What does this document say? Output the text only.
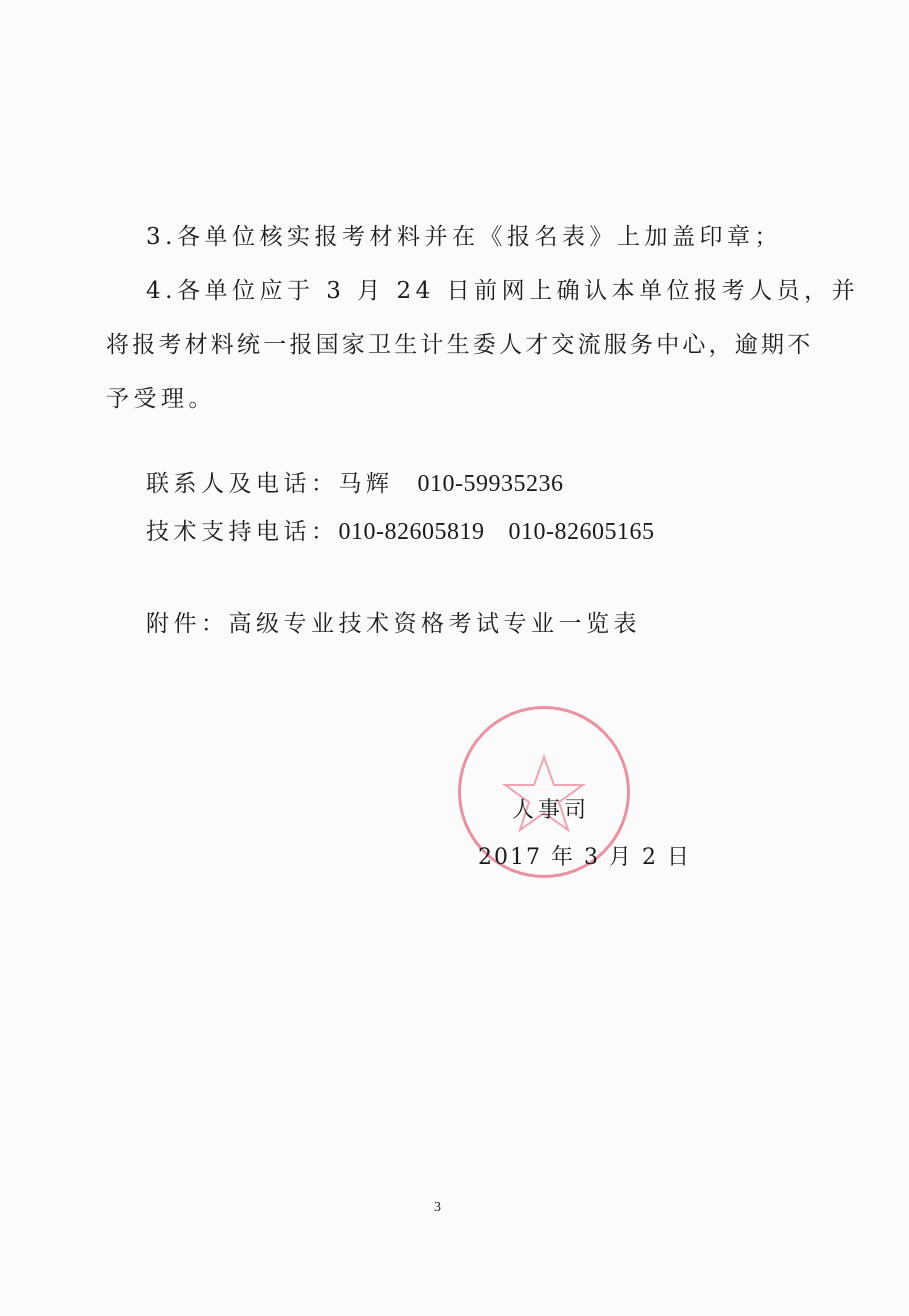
3.各单位核实报考材料并在《报名表》上加盖印章；
4.各单位应于 3 月 24 日前网上确认本单位报考人员，并
将报考材料统一报国家卫生计生委人才交流服务中心，逾期不
予受理。
联系人及电话：马辉 010-59935236
技术支持电话：010-82605819 010-82605165
附件：高级专业技术资格考试专业一览表
人事司
2017 年 3 月 2 日
3
